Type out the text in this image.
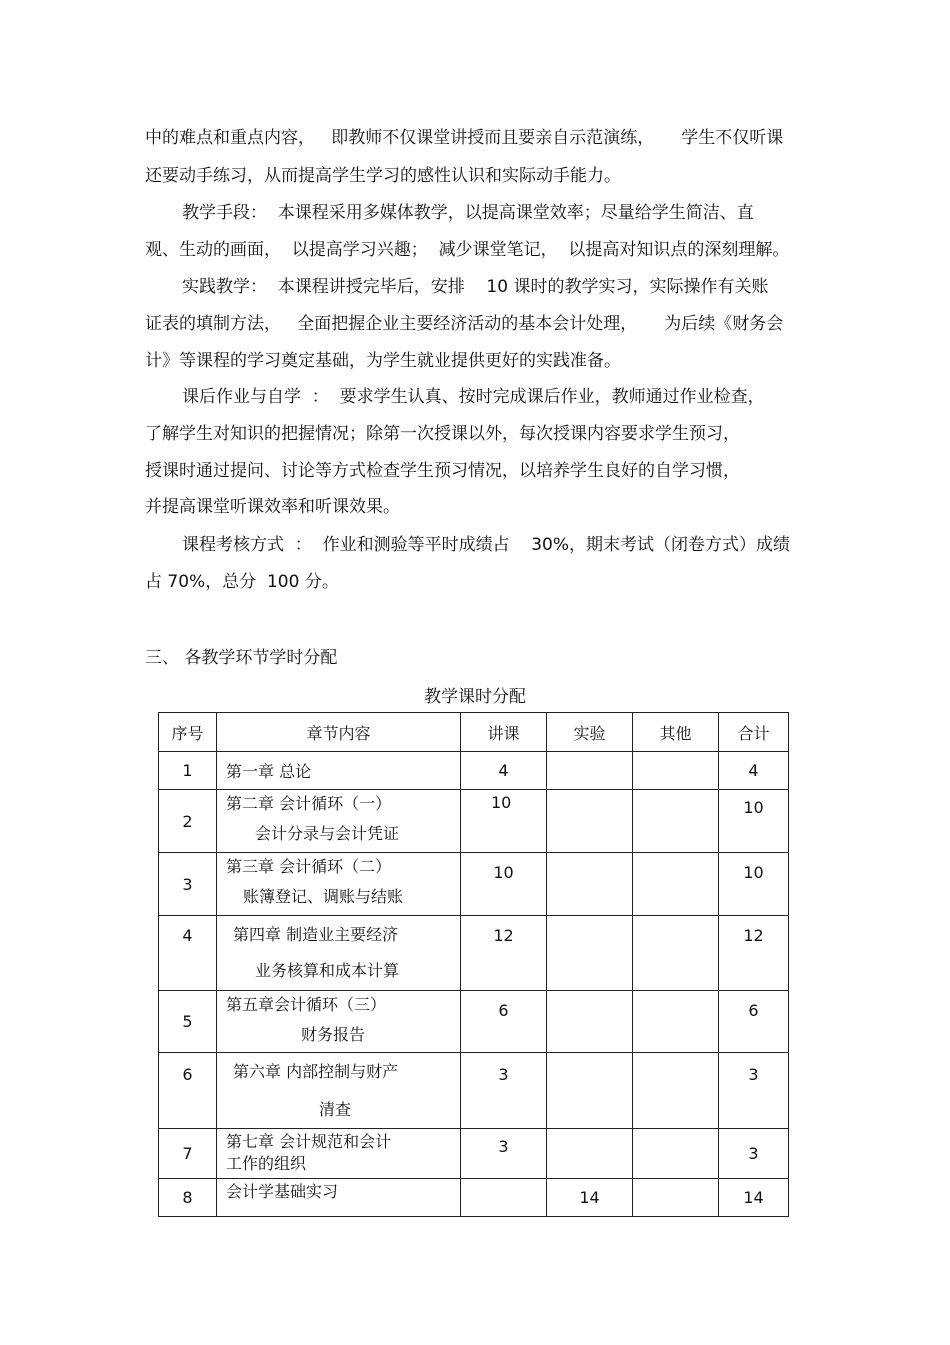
中的难点和重点内容，   即教师不仅课堂讲授而且要亲自示范演练，     学生不仅听课
还要动手练习，从而提高学生学习的感性认识和实际动手能力。
教学手段：  本课程采用多媒体教学，以提高课堂效率；尽量给学生简洁、直
观、生动的画面，  以提高学习兴趣；  减少课堂笔记，  以提高对知识点的深刻理解。
实践教学：  本课程讲授完毕后，安排    10 课时的教学实习，实际操作有关账
证表的填制方法，   全面把握企业主要经济活动的基本会计处理，     为后续《财务会
计》等课程的学习奠定基础，为学生就业提供更好的实践准备。
课后作业与自学  ：  要求学生认真、按时完成课后作业，教师通过作业检查，
了解学生对知识的把握情况；除第一次授课以外，每次授课内容要求学生预习，
授课时通过提问、讨论等方式检查学生预习情况，以培养学生良好的自学习惯，
并提高课堂听课效率和听课效果。
课程考核方式  ：  作业和测验等平时成绩占    30%，期末考试（闭卷方式）成绩
占 70%，总分  100 分。
三、 各教学环节学时分配
教学课时分配
序号	章节内容	讲课	实验	其他	合计
1	第一章 总论	4			4
2	第二章 会计循环（一）
会计分录与会计凭证	10			10
3	第三章 会计循环（二）
账簿登记、调账与结账	10			10
4	第四章 制造业主要经济
业务核算和成本计算	12			12
5	第五章会计循环（三）
财务报告	6			6
6	第六章 内部控制与财产
清查	3			3
7	第七章 会计规范和会计
工作的组织	3			3
8	会计学基础实习		14		14
